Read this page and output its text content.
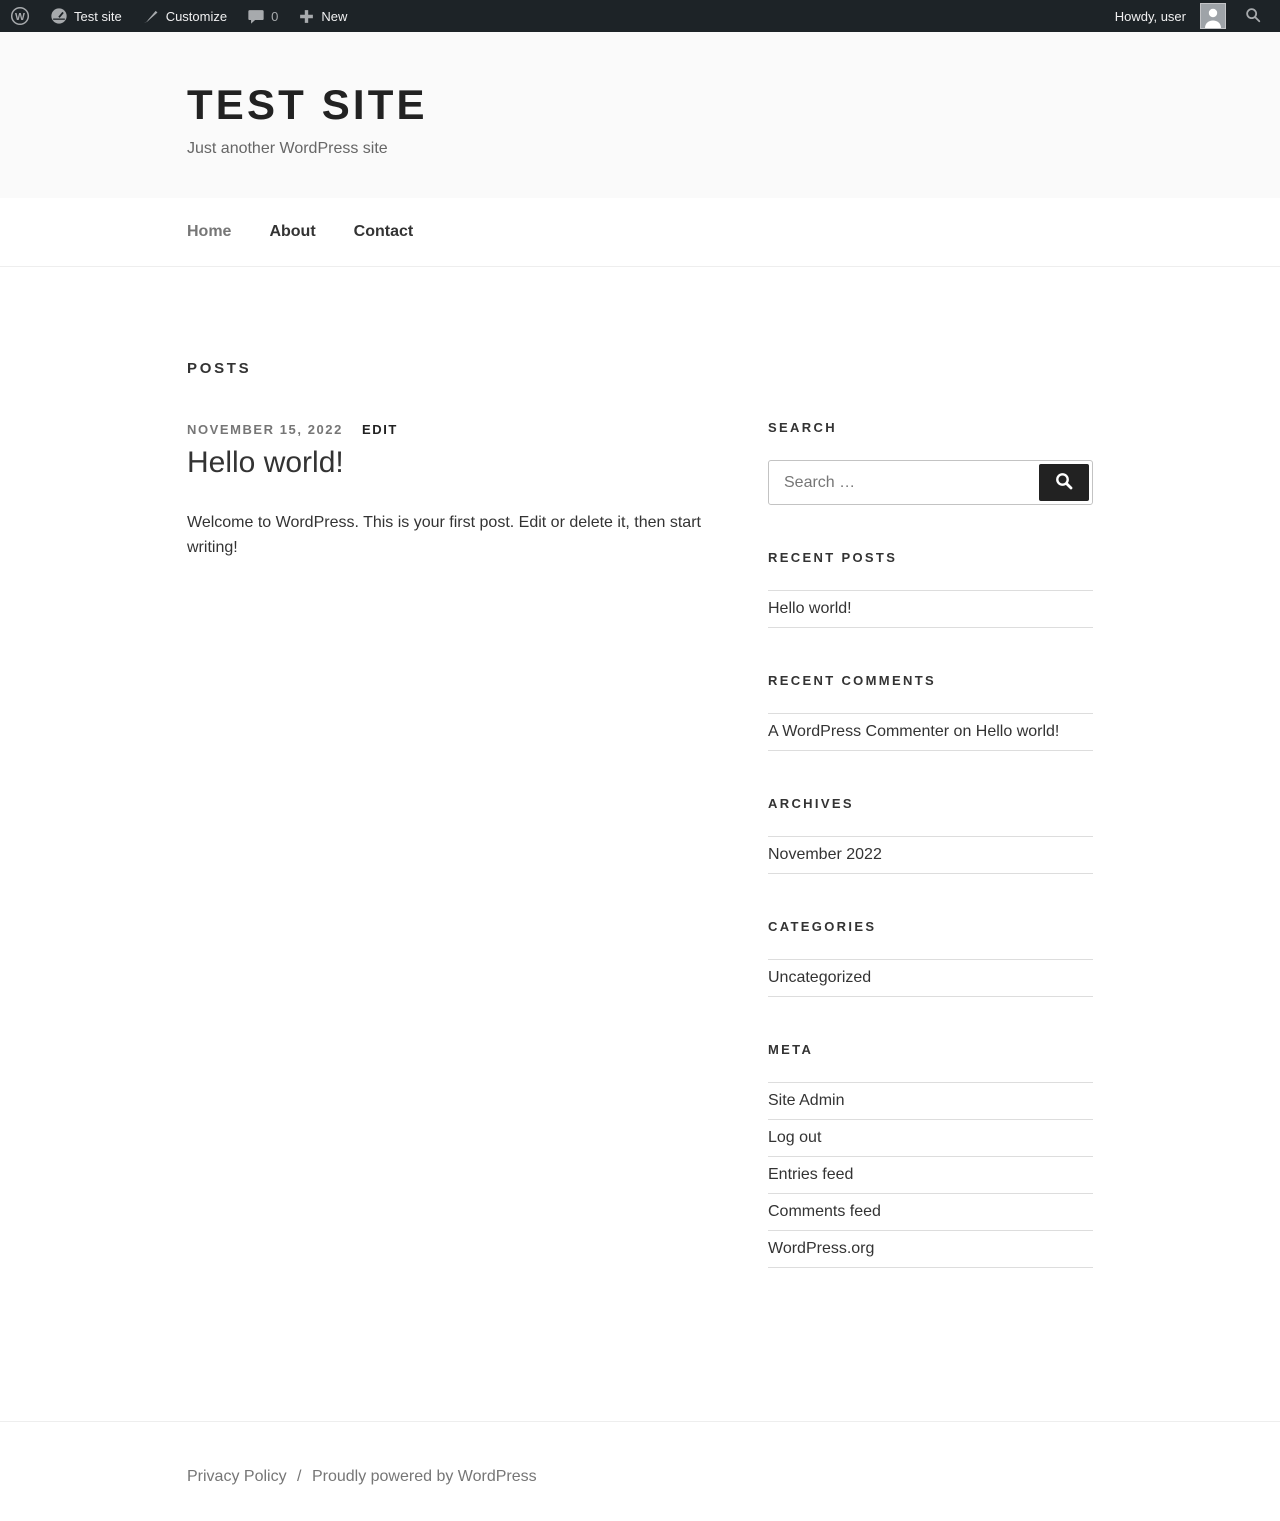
W	Test site	Customize	0	New	Howdy, user
TEST SITE
Just another WordPress site
Home About Contact
POSTS
NOVEMBER 15, 2022 EDIT
Hello world!

Welcome to WordPress. This is your first post. Edit or delete it, then start writing!

SEARCH
Search …
RECENT POSTS
Hello world!
RECENT COMMENTS
A WordPress Commenter on Hello world!
ARCHIVES
November 2022
CATEGORIES
Uncategorized
META
Site Admin
Log out
Entries feed
Comments feed
WordPress.org
Privacy Policy / Proudly powered by WordPress
